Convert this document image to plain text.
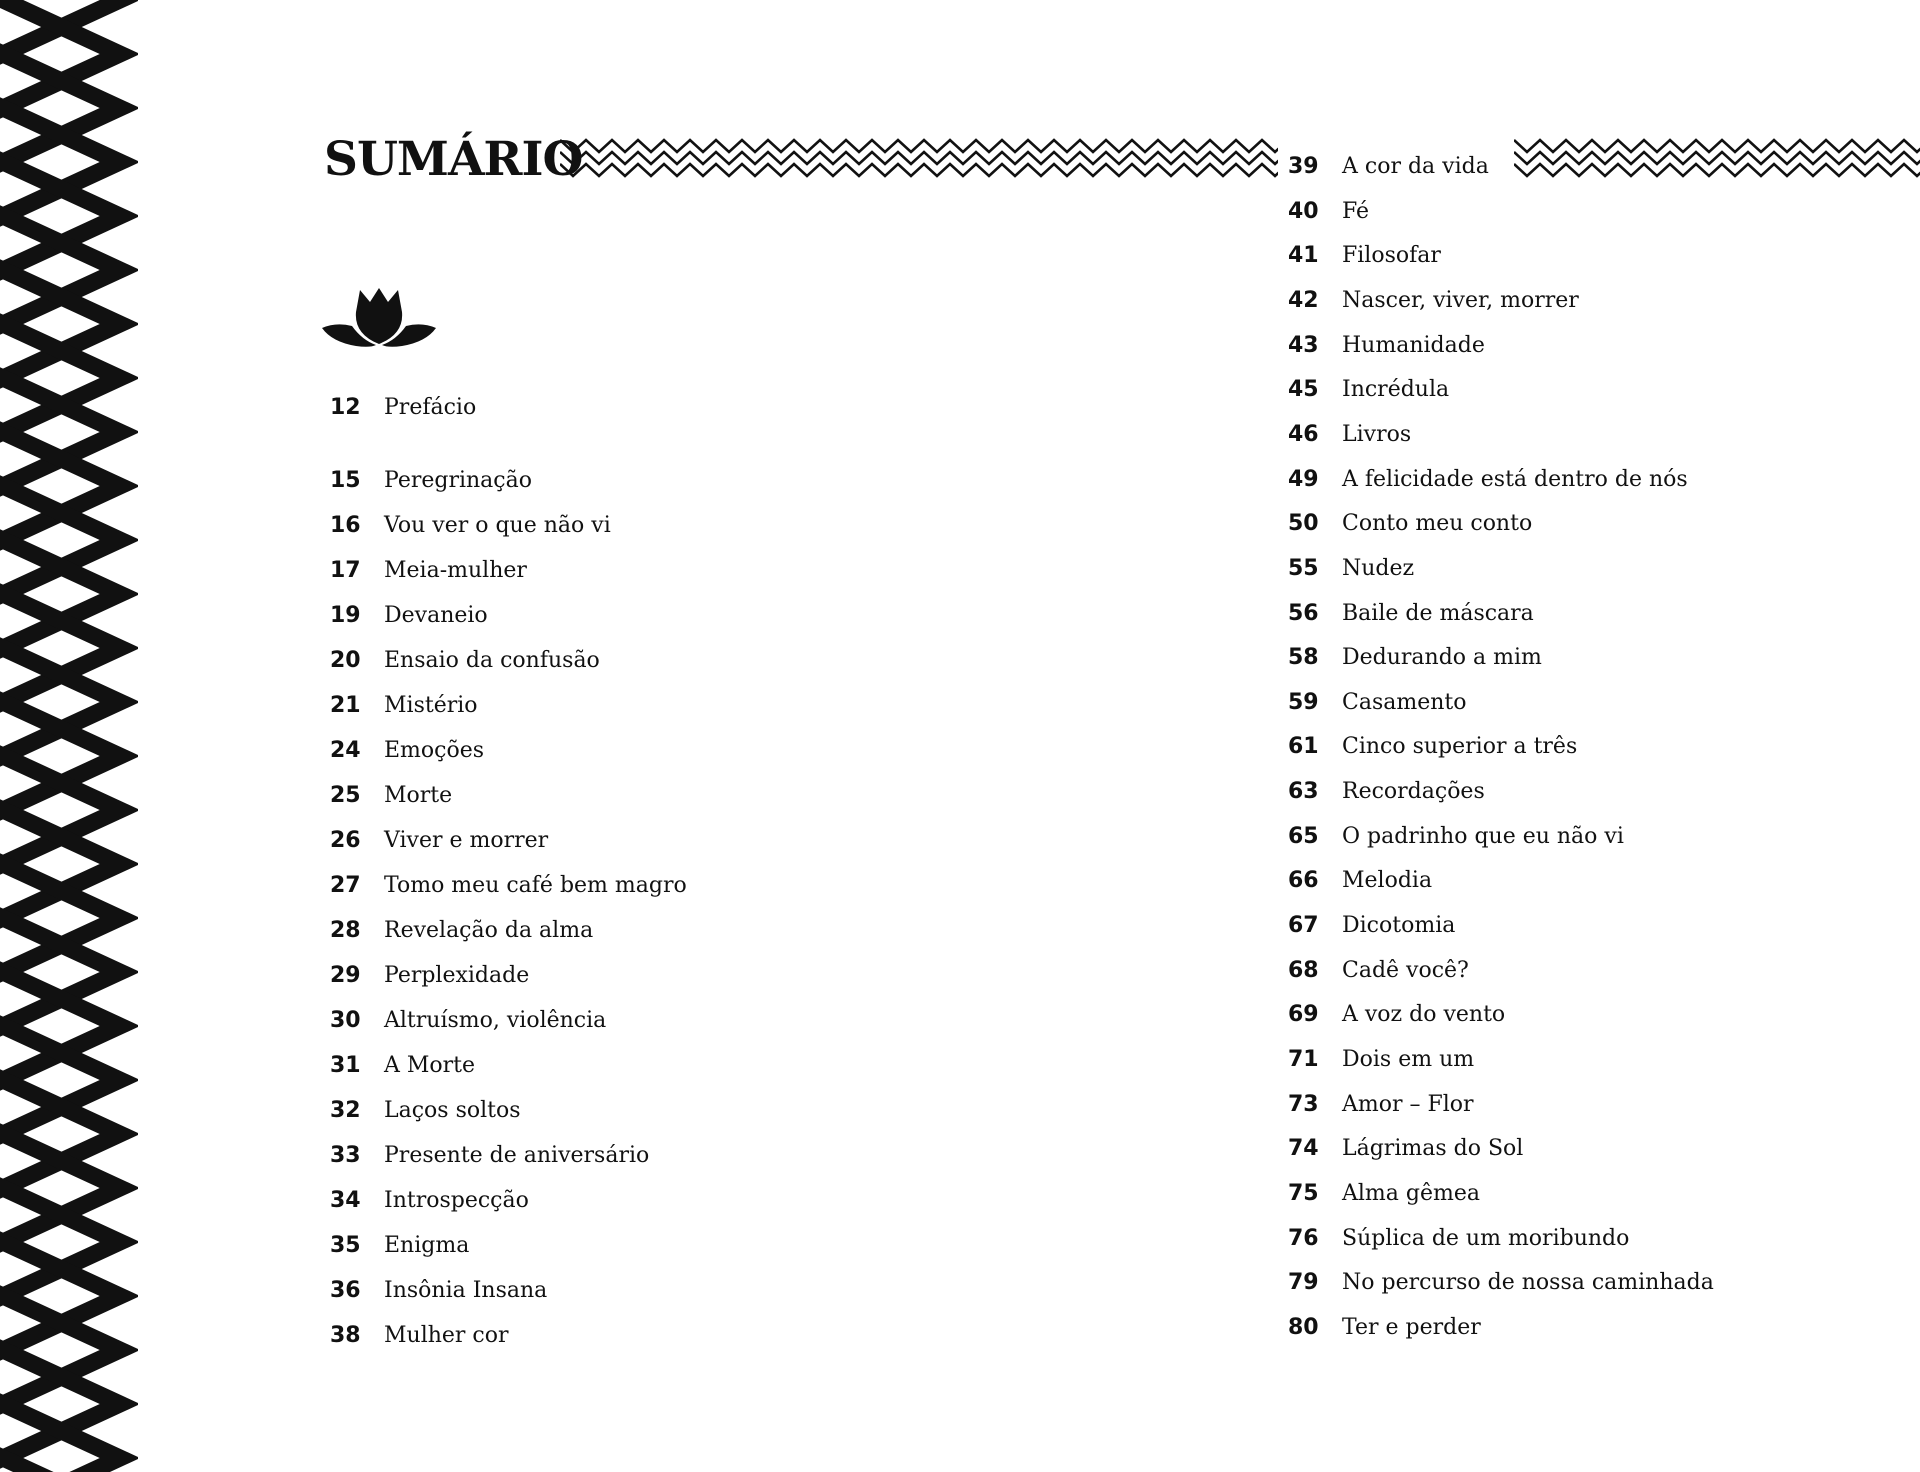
SUMÁRIO
12 Prefácio
15 Peregrinação
16 Vou ver o que não vi
17 Meia-mulher
19 Devaneio
20 Ensaio da confusão
21 Mistério
24 Emoções
25 Morte
26 Viver e morrer
27 Tomo meu café bem magro
28 Revelação da alma
29 Perplexidade
30 Altruísmo, violência
31 A Morte
32 Laços soltos
33 Presente de aniversário
34 Introspecção
35 Enigma
36 Insônia Insana
38 Mulher cor
39 A cor da vida
40 Fé
41 Filosofar
42 Nascer, viver, morrer
43 Humanidade
45 Incrédula
46 Livros
49 A felicidade está dentro de nós
50 Conto meu conto
55 Nudez
56 Baile de máscara
58 Dedurando a mim
59 Casamento
61 Cinco superior a três
63 Recordações
65 O padrinho que eu não vi
66 Melodia
67 Dicotomia
68 Cadê você?
69 A voz do vento
71 Dois em um
73 Amor – Flor
74 Lágrimas do Sol
75 Alma gêmea
76 Súplica de um moribundo
79 No percurso de nossa caminhada
80 Ter e perder
